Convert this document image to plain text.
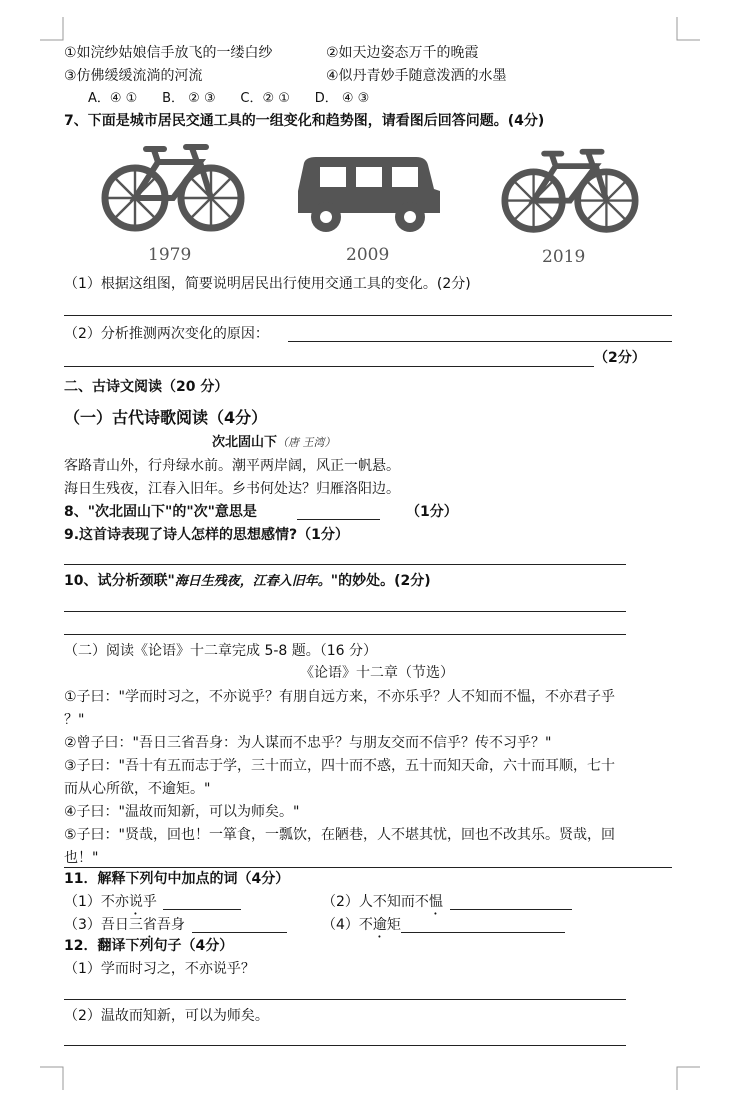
①如浣纱姑娘信手放飞的一缕白纱	②如天边姿态万千的晚霞
③仿佛缓缓流淌的河流	④似丹青妙手随意泼洒的水墨
A．④ ①      B． ② ③      C．② ①      D． ④ ③
7、下面是城市居民交通工具的一组变化和趋势图，请看图后回答问题。(4分)
1979	2009	2019
（1）根据这组图，简要说明居民出行使用交通工具的变化。(2分)
（2）分析推测两次变化的原因：
（2分）
二、古诗文阅读（20 分）
（一）古代诗歌阅读（4分）
次北固山下（唐 王湾）
客路青山外，行舟绿水前。潮平两岸阔，风正一帆悬。
海日生残夜，江春入旧年。乡书何处达？归雁洛阳边。
8、"次北固山下"的"次"意思是	（1分）
9.这首诗表现了诗人怎样的思想感情?（1分）
10、试分析颈联"海日生残夜，江春入旧年。"的妙处。(2分)
（二）阅读《论语》十二章完成 5-8 题。（16 分）
《论语》十二章（节选）
①子曰："学而时习之，不亦说乎？有朋自远方来，不亦乐乎？人不知而不愠，不亦君子乎
？"
②曾子曰："吾日三省吾身：为人谋而不忠乎？与朋友交而不信乎？传不习乎？"
③子曰："吾十有五而志于学，三十而立，四十而不惑，五十而知天命，六十而耳顺，七十
而从心所欲，不逾矩。"
④子曰："温故而知新，可以为师矣。"
⑤子曰："贤哉，回也！一箪食，一瓢饮，在陋巷，人不堪其忧，回也不改其乐。贤哉，回
也！"
11．解释下列句中加点的词（4分）
（1）不亦说乎	（2）人不知而不愠
（3）吾日三省吾身	（4）不逾矩
12．翻译下列句子（4分）
（1）学而时习之，不亦说乎？
（2）温故而知新，可以为师矣。
